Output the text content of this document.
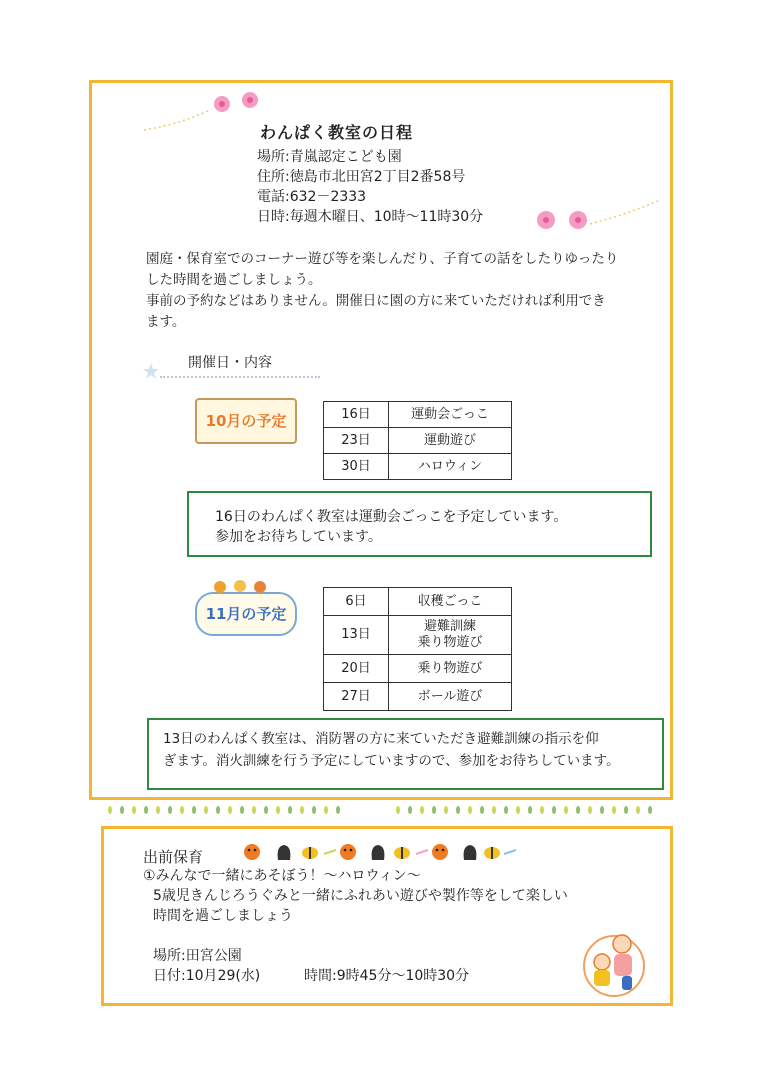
わんぱく教室の日程
場所:青嵐認定こども園
住所:徳島市北田宮2丁目2番58号
電話:632－2333
日時:毎週木曜日、10時～11時30分
園庭・保育室でのコーナー遊び等を楽しんだり、子育ての話をしたりゆったり
した時間を過ごしましょう。
事前の予約などはありません。開催日に園の方に来ていただければ利用でき
ます。
開催日・内容
10月の予定	16日	運動会ごっこ
23日	運動遊び
30日	ハロウィン
16日のわんぱく教室は運動会ごっこを予定しています。
参加をお待ちしています。
11月の予定
6日	収穫ごっこ
13日	避難訓練
乗り物遊び
20日	乗り物遊び
27日	ボール遊び
13日のわんぱく教室は、消防署の方に来ていただき避難訓練の指示を仰
ぎます。消火訓練を行う予定にしていますので、参加をお待ちしています。
出前保育
①みんなで一緒にあそぼう！～ハロウィン～
5歳児きんじろうぐみと一緒にふれあい遊びや製作等をして楽しい
時間を過ごしましょう
場所:田宮公園
日付:10月29(水)	時間:9時45分～10時30分
